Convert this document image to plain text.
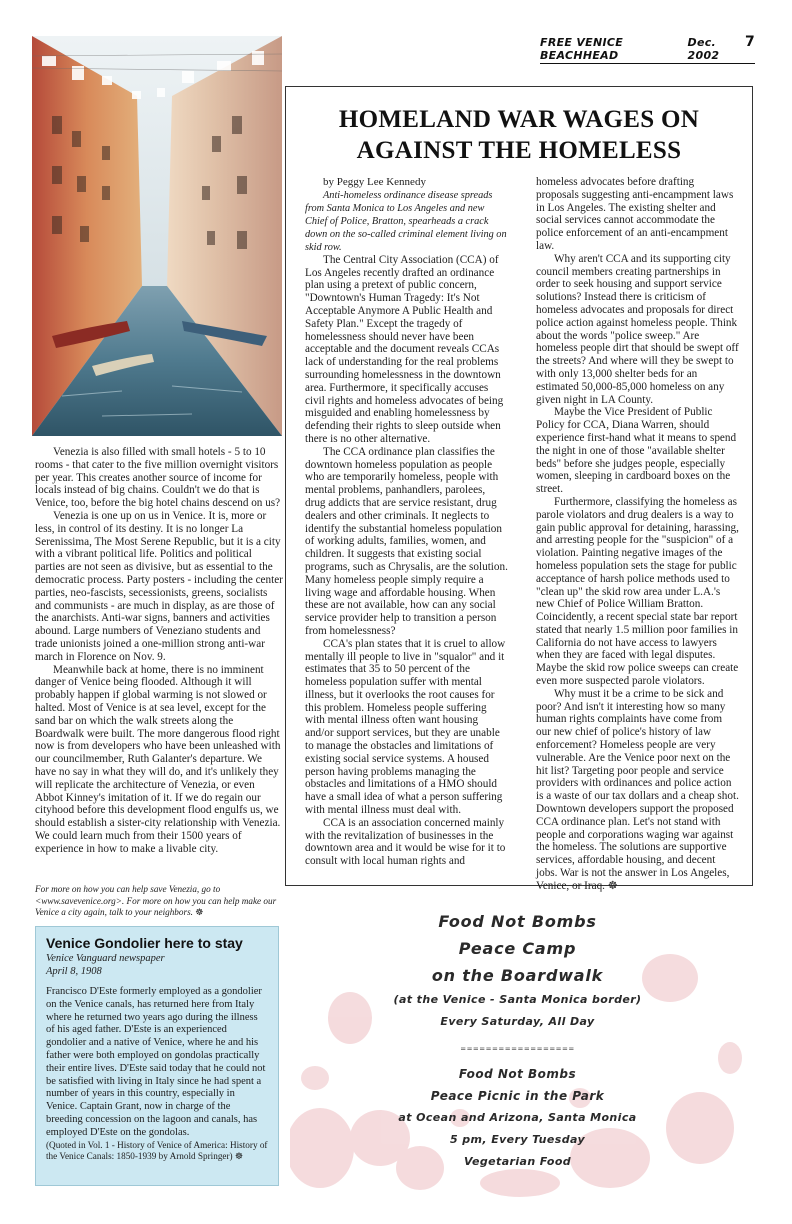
FREE VENICE BEACHHEAD
Dec. 2002
7

Venezia is also filled with small hotels - 5 to 10 rooms - that cater to the five million overnight visitors per year. This creates another source of income for locals instead of big chains. Couldn't we do that is Venice, too, before the big hotel chains descend on us?

Venezia is one up on us in Venice. It is, more or less, in control of its destiny. It is no longer La Serenissima, The Most Serene Republic, but it is a city with a vibrant political life. Politics and political parties are not seen as divisive, but as essential to the democratic process. Party posters - including the center parties, neo-fascists, secessionists, greens, socialists and communists - are much in display, as are those of the anarchists. Anti-war signs, banners and activities abound. Large numbers of Veneziano students and trade unionists joined a one-million strong anti-war march in Florence on Nov. 9.

Meanwhile back at home, there is no imminent danger of Venice being flooded. Although it will probably happen if global warming is not slowed or halted. Most of Venice is at sea level, except for the sand bar on which the walk streets along the Boardwalk were built. The more dangerous flood right now is from developers who have been unleashed with our councilmember, Ruth Galanter's departure. We have no say in what they will do, and it's unlikely they will replicate the architecture of Venezia, or even Abbot Kinney's imitation of it. If we do regain our cityhood before this development flood engulfs us, we should establish a sister-city relationship with Venezia. We could learn much from their 1500 years of experience in how to make a livable city.

For more on how you can help save Venezia, go to <www.savevenice.org>. For more on how you can help make our Venice a city again, talk to your neighbors. ☸

Venice Gondolier here to stay

Venice Vanguard newspaper

April 8, 1908

Francisco D'Este formerly employed as a gondolier on the Venice canals, has returned here from Italy where he returned two years ago during the illness of his aged father. D'Este is an experienced gondolier and a native of Venice, where he and his father were both employed on gondolas practically their entire lives. D'Este said today that he could not be satisfied with living in Italy since he had spent a number of years in this country, especially in Venice. Captain Grant, now in charge of the breeding concession on the lagoon and canals, has employed D'Este on the gondolas.

(Quoted in Vol. 1 - History of Venice of America: History of the Venice Canals: 1850-1939 by Arnold Springer) ☸

HOMELAND WAR WAGES ON
AGAINST THE HOMELESS

by Peggy Lee Kennedy

Anti-homeless ordinance disease spreads from Santa Monica to Los Angeles and new Chief of Police, Bratton, spearheads a crack down on the so-called criminal element living on skid row.

The Central City Association (CCA) of Los Angeles recently drafted an ordinance plan using a pretext of public concern, "Downtown's Human Tragedy: It's Not Acceptable Anymore A Public Health and Safety Plan." Except the tragedy of homelessness should never have been acceptable and the document reveals CCAs lack of understanding for the real problems surrounding homelessness in the downtown area. Furthermore, it specifically accuses civil rights and homeless advocates of being misguided and enabling homelessness by defending their rights to sleep outside when there is no other alternative.

The CCA ordinance plan classifies the downtown homeless population as people who are temporarily homeless, people with mental problems, panhandlers, parolees, drug addicts that are service resistant, drug dealers and other criminals. It neglects to identify the substantial homeless population of working adults, families, women, and children. It suggests that existing social programs, such as Chrysalis, are the solution. Many homeless people simply require a living wage and affordable housing. When these are not available, how can any social service provider help to transition a person from homelessness?

CCA's plan states that it is cruel to allow mentally ill people to live in "squalor" and it estimates that 35 to 50 percent of the homeless population suffer with mental illness, but it overlooks the root causes for this problem. Homeless people suffering with mental illness often want housing and/or support services, but they are unable to manage the obstacles and limitations of existing social service systems. A housed person having problems managing the obstacles and limitations of a HMO should have a small idea of what a person suffering with mental illness must deal with.

CCA is an association concerned mainly with the revitalization of businesses in the downtown area and it would be wise for it to consult with local human rights and

homeless advocates before drafting proposals suggesting anti-encampment laws in Los Angeles. The existing shelter and social services cannot accommodate the police enforcement of an anti-encampment law.

Why aren't CCA and its supporting city council members creating partnerships in order to seek housing and support service solutions? Instead there is criticism of homeless advocates and proposals for direct police action against homeless people. Think about the words "police sweep." Are homeless people dirt that should be swept off the streets? And where will they be swept to with only 13,000 shelter beds for an estimated 50,000-85,000 homeless on any given night in LA County.

Maybe the Vice President of Public Policy for CCA, Diana Warren, should experience first-hand what it means to spend the night in one of those "available shelter beds" before she judges people, especially women, sleeping in cardboard boxes on the street.

Furthermore, classifying the homeless as parole violators and drug dealers is a way to gain public approval for detaining, harassing, and arresting people for the "suspicion" of a violation. Painting negative images of the homeless population sets the stage for public acceptance of harsh police methods used to "clean up" the skid row area under L.A.'s new Chief of Police William Bratton. Coincidently, a recent special state bar report stated that nearly 1.5 million poor families in California do not have access to lawyers when they are faced with legal disputes. Maybe the skid row police sweeps can create even more suspected parole violators.

Why must it be a crime to be sick and poor? And isn't it interesting how so many human rights complaints have come from our new chief of police's history of law enforcement? Homeless people are very vulnerable. Are the Venice poor next on the hit list? Targeting poor people and service providers with ordinances and police action is a waste of our tax dollars and a cheap shot. Downtown developers support the proposed CCA ordinance plan. Let's not stand with people and corporations waging war against the homeless. The solutions are supportive services, affordable housing, and decent jobs. War is not the answer in Los Angeles, Venice, or Iraq. ☸

Food Not Bombs
Peace Camp
on the Boardwalk
(at the Venice - Santa Monica border)
Every Saturday, All Day
==================
Food Not Bombs
Peace Picnic in the Park
at Ocean and Arizona, Santa Monica
5 pm, Every Tuesday
Vegetarian Food
